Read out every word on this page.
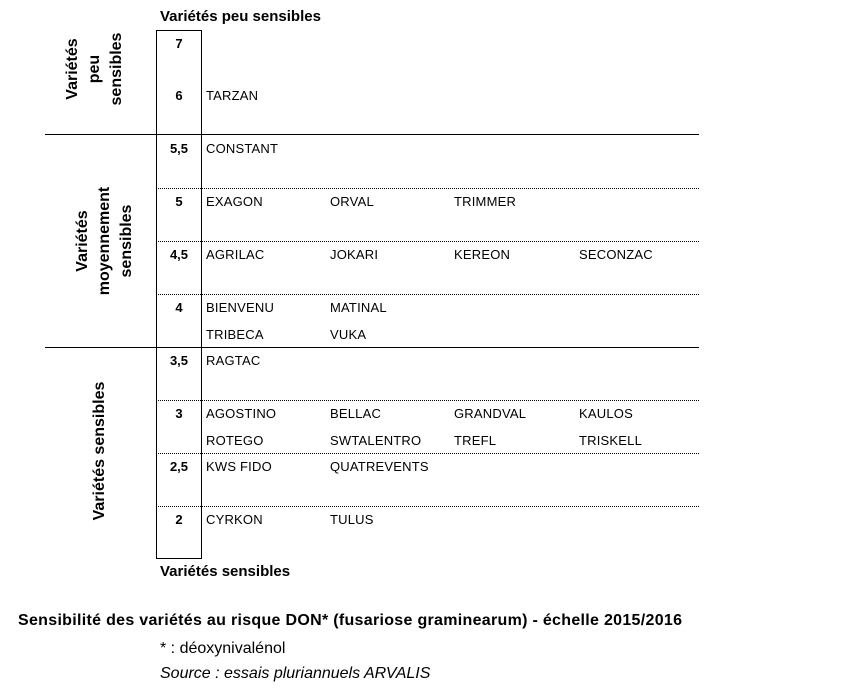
Variétés peu sensibles
Variétés sensibles
Variétés peu sensibles
Variétés moyennement sensibles
Variétés sensibles
7
6	TARZAN
5,5	CONSTANT
5	EXAGON	ORVAL	TRIMMER
4,5	AGRILAC	JOKARI	KEREON	SECONZAC
4	BIENVENU	MATINAL
TRIBECA	VUKA
3,5	RAGTAC
3	AGOSTINO	BELLAC	GRANDVAL	KAULOS
ROTEGO	SWTALENTRO	TREFL	TRISKELL
2,5	KWS FIDO	QUATREVENTS
2	CYRKON	TULUS
Sensibilité des variétés au risque DON* (fusariose graminearum) - échelle 2015/2016
* : déoxynivalénol
Source : essais pluriannuels ARVALIS
